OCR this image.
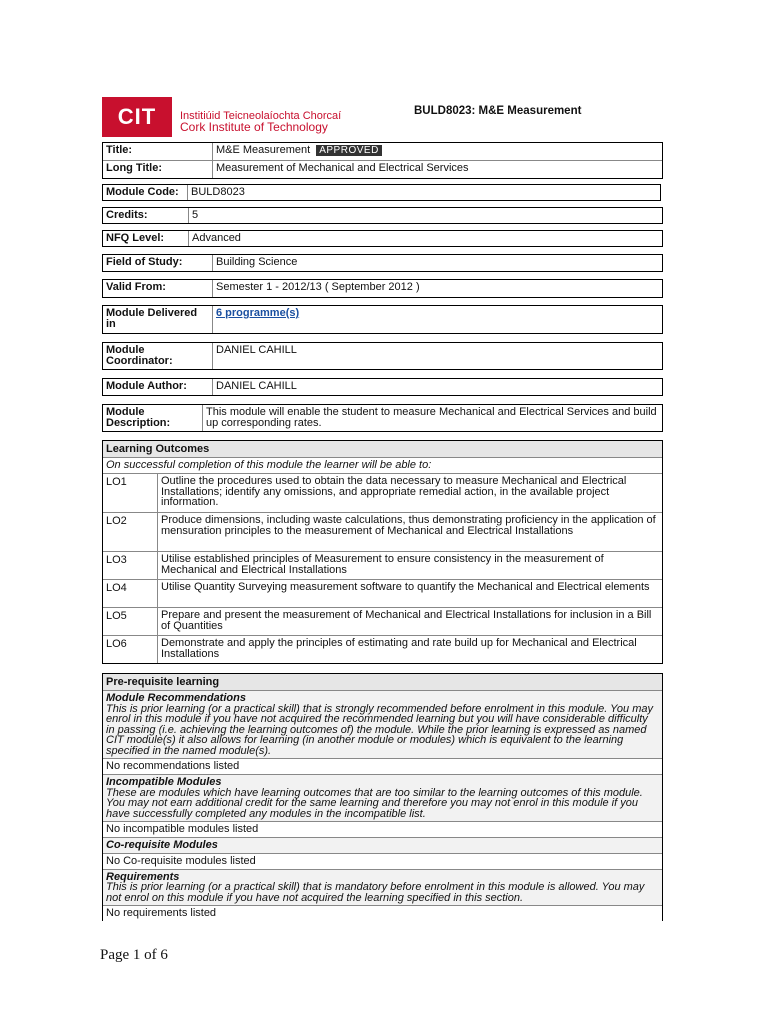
CIT	Institiúid Teicneolaíochta Chorcaí
Cork Institute of Technology
BULD8023: M&E Measurement
Title:	M&E Measurement APPROVED
Long Title:	Measurement of Mechanical and Electrical Services
Module Code:	BULD8023
Credits:	5
NFQ Level:	Advanced
Field of Study:	Building Science
Valid From:	Semester 1 - 2012/13 ( September 2012 )
Module Delivered in
6 programme(s)
Module Coordinator:
DANIEL CAHILL
Module Author:	DANIEL CAHILL
Module Description:
This module will enable the student to measure Mechanical and Electrical Services and build up corresponding rates.
Learning Outcomes
On successful completion of this module the learner will be able to:
LO1	Outline the procedures used to obtain the data necessary to measure Mechanical and Electrical Installations; identify any omissions, and appropriate remedial action, in the available project information.
LO2	Produce dimensions, including waste calculations, thus demonstrating proficiency in the application of mensuration principles to the measurement of Mechanical and Electrical Installations
LO3	Utilise established principles of Measurement to ensure consistency in the measurement of Mechanical and Electrical Installations
LO4	Utilise Quantity Surveying measurement software to quantify the Mechanical and Electrical elements
LO5	Prepare and present the measurement of Mechanical and Electrical Installations for inclusion in a Bill of Quantities
LO6	Demonstrate and apply the principles of estimating and rate build up for Mechanical and Electrical Installations
Pre-requisite learning
Module Recommendations
This is prior learning (or a practical skill) that is strongly recommended before enrolment in this module. You may enrol in this module if you have not acquired the recommended learning but you will have considerable difficulty in passing (i.e. achieving the learning outcomes of) the module. While the prior learning is expressed as named CIT module(s) it also allows for learning (in another module or modules) which is equivalent to the learning specified in the named module(s).
No recommendations listed
Incompatible Modules
These are modules which have learning outcomes that are too similar to the learning outcomes of this module. You may not earn additional credit for the same learning and therefore you may not enrol in this module if you have successfully completed any modules in the incompatible list.
No incompatible modules listed
Co-requisite Modules
No Co-requisite modules listed
Requirements
This is prior learning (or a practical skill) that is mandatory before enrolment in this module is allowed. You may not enrol on this module if you have not acquired the learning specified in this section.
No requirements listed
Page 1 of 6
